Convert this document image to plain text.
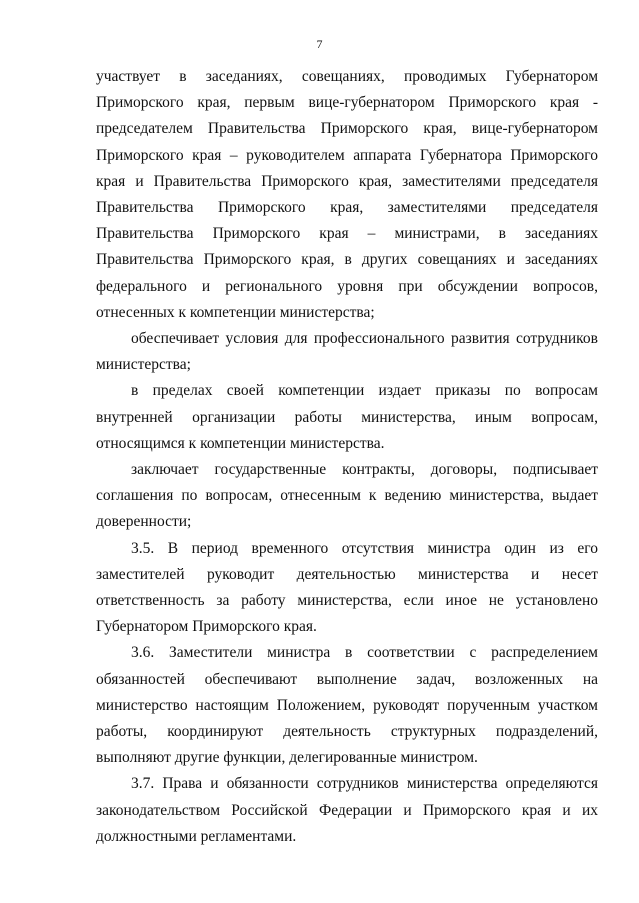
7

участвует в заседаниях, совещаниях, проводимых Губернатором Приморского края, первым вице-губернатором Приморского края - председателем Правительства Приморского края, вице-губернатором Приморского края – руководителем аппарата Губернатора Приморского края и Правительства Приморского края, заместителями председателя Правительства Приморского края, заместителями председателя Правительства Приморского края – министрами, в заседаниях Правительства Приморского края, в других совещаниях и заседаниях федерального и регионального уровня при обсуждении вопросов, отнесенных к компетенции министерства;

обеспечивает условия для профессионального развития сотрудников министерства;

в пределах своей компетенции издает приказы по вопросам внутренней организации работы министерства, иным вопросам, относящимся к компетенции министерства.

заключает государственные контракты, договоры, подписывает соглашения по вопросам, отнесенным к ведению министерства, выдает доверенности;

3.5. В период временного отсутствия министра один из его заместителей руководит деятельностью министерства и несет ответственность за работу министерства, если иное не установлено Губернатором Приморского края.

3.6. Заместители министра в соответствии с распределением обязанностей обеспечивают выполнение задач, возложенных на министерство настоящим Положением, руководят порученным участком работы, координируют деятельность структурных подразделений, выполняют другие функции, делегированные министром.

3.7. Права и обязанности сотрудников министерства определяются законодательством Российской Федерации и Приморского края и их должностными регламентами.
